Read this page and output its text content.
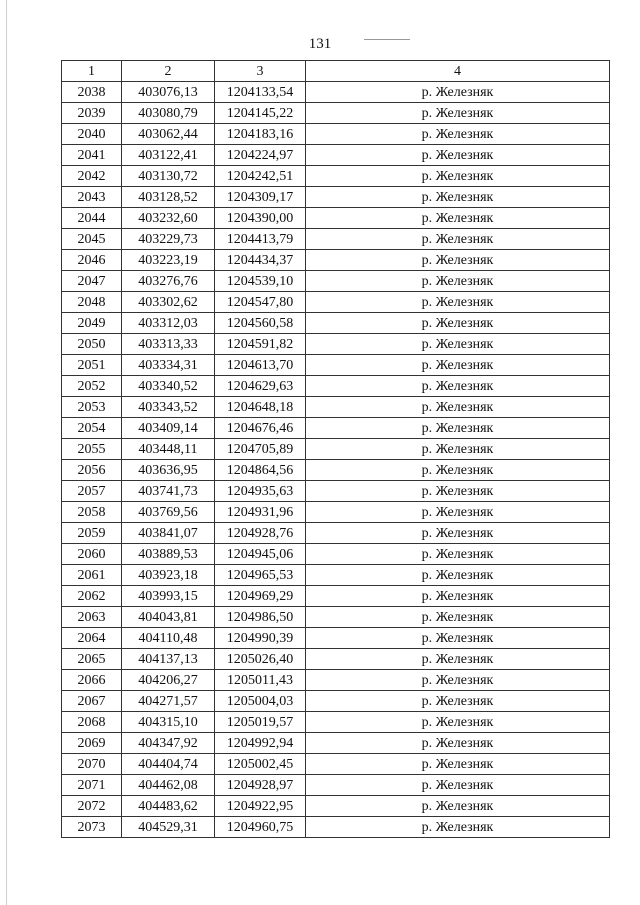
131
1	2	3	4
2038	403076,13	1204133,54	р. Железняк
2039	403080,79	1204145,22	р. Железняк
2040	403062,44	1204183,16	р. Железняк
2041	403122,41	1204224,97	р. Железняк
2042	403130,72	1204242,51	р. Железняк
2043	403128,52	1204309,17	р. Железняк
2044	403232,60	1204390,00	р. Железняк
2045	403229,73	1204413,79	р. Железняк
2046	403223,19	1204434,37	р. Железняк
2047	403276,76	1204539,10	р. Железняк
2048	403302,62	1204547,80	р. Железняк
2049	403312,03	1204560,58	р. Железняк
2050	403313,33	1204591,82	р. Железняк
2051	403334,31	1204613,70	р. Железняк
2052	403340,52	1204629,63	р. Железняк
2053	403343,52	1204648,18	р. Железняк
2054	403409,14	1204676,46	р. Железняк
2055	403448,11	1204705,89	р. Железняк
2056	403636,95	1204864,56	р. Железняк
2057	403741,73	1204935,63	р. Железняк
2058	403769,56	1204931,96	р. Железняк
2059	403841,07	1204928,76	р. Железняк
2060	403889,53	1204945,06	р. Железняк
2061	403923,18	1204965,53	р. Железняк
2062	403993,15	1204969,29	р. Железняк
2063	404043,81	1204986,50	р. Железняк
2064	404110,48	1204990,39	р. Железняк
2065	404137,13	1205026,40	р. Железняк
2066	404206,27	1205011,43	р. Железняк
2067	404271,57	1205004,03	р. Железняк
2068	404315,10	1205019,57	р. Железняк
2069	404347,92	1204992,94	р. Железняк
2070	404404,74	1205002,45	р. Железняк
2071	404462,08	1204928,97	р. Железняк
2072	404483,62	1204922,95	р. Железняк
2073	404529,31	1204960,75	р. Железняк
